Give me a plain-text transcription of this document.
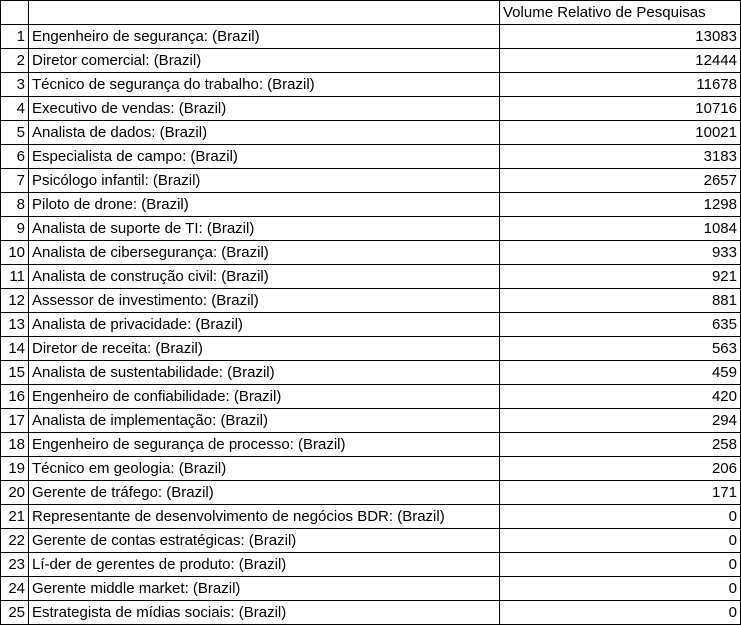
		Volume Relativo de Pesquisas
1	Engenheiro de segurança: (Brazil)	13083
2	Diretor comercial: (Brazil)	12444
3	Técnico de segurança do trabalho: (Brazil)	11678
4	Executivo de vendas: (Brazil)	10716
5	Analista de dados: (Brazil)	10021
6	Especialista de campo: (Brazil)	3183
7	Psicólogo infantil: (Brazil)	2657
8	Piloto de drone: (Brazil)	1298
9	Analista de suporte de TI: (Brazil)	1084
10	Analista de cibersegurança: (Brazil)	933
11	Analista de construção civil: (Brazil)	921
12	Assessor de investimento: (Brazil)	881
13	Analista de privacidade: (Brazil)	635
14	Diretor de receita: (Brazil)	563
15	Analista de sustentabilidade: (Brazil)	459
16	Engenheiro de confiabilidade: (Brazil)	420
17	Analista de implementação: (Brazil)	294
18	Engenheiro de segurança de processo: (Brazil)	258
19	Técnico em geologia: (Brazil)	206
20	Gerente de tráfego: (Brazil)	171
21	Representante de desenvolvimento de negócios BDR: (Brazil)	0
22	Gerente de contas estratégicas: (Brazil)	0
23	Lí-der de gerentes de produto: (Brazil)	0
24	Gerente middle market: (Brazil)	0
25	Estrategista de mídias sociais: (Brazil)	0
